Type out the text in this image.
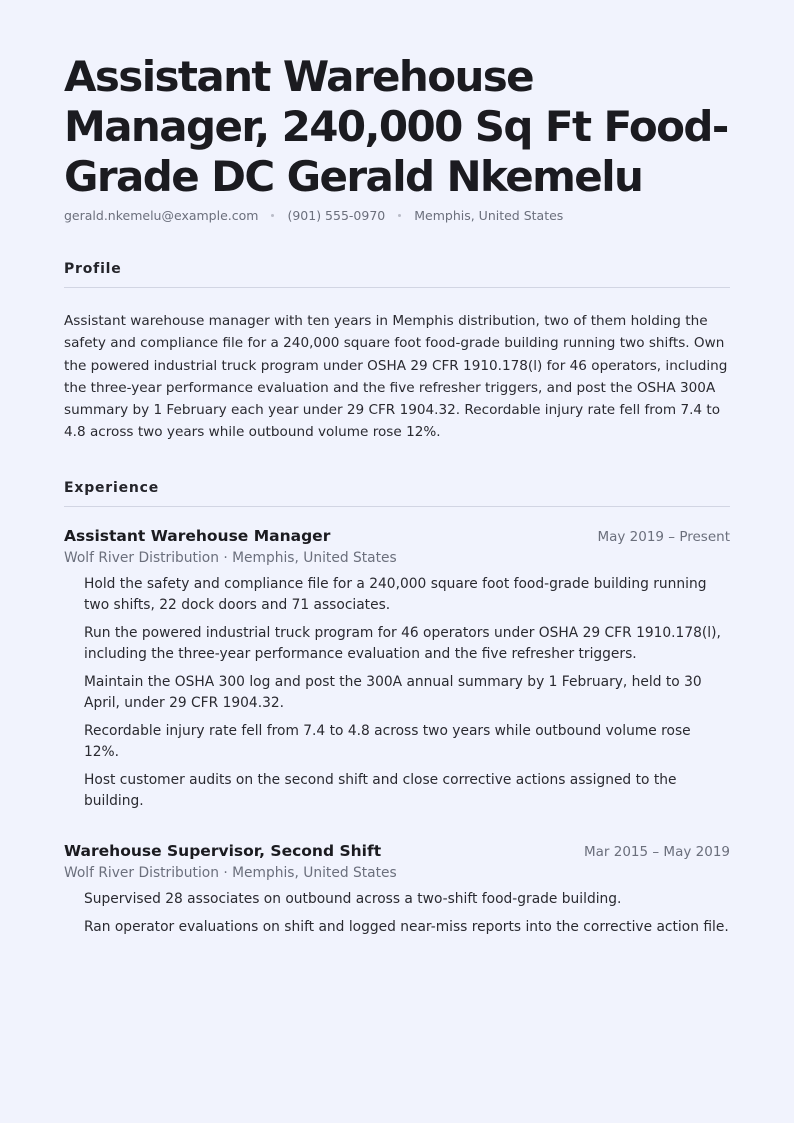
Assistant Warehouse Manager, 240,000 Sq Ft Food-Grade DC Gerald Nkemelu
gerald.nkemelu@example.com (901) 555-0970 Memphis, United States
Profile
Assistant warehouse manager with ten years in Memphis distribution, two of them holding the safety and compliance file for a 240,000 square foot food-grade building running two shifts. Own the powered industrial truck program under OSHA 29 CFR 1910.178(l) for 46 operators, including the three-year performance evaluation and the five refresher triggers, and post the OSHA 300A summary by 1 February each year under 29 CFR 1904.32. Recordable injury rate fell from 7.4 to 4.8 across two years while outbound volume rose 12%.
Experience
Assistant Warehouse Manager	May 2019 – Present
Wolf River Distribution · Memphis, United States
Hold the safety and compliance file for a 240,000 square foot food-grade building running two shifts, 22 dock doors and 71 associates.
Run the powered industrial truck program for 46 operators under OSHA 29 CFR 1910.178(l), including the three-year performance evaluation and the five refresher triggers.
Maintain the OSHA 300 log and post the 300A annual summary by 1 February, held to 30 April, under 29 CFR 1904.32.
Recordable injury rate fell from 7.4 to 4.8 across two years while outbound volume rose 12%.
Host customer audits on the second shift and close corrective actions assigned to the building.
Warehouse Supervisor, Second Shift	Mar 2015 – May 2019
Wolf River Distribution · Memphis, United States
Supervised 28 associates on outbound across a two-shift food-grade building.
Ran operator evaluations on shift and logged near-miss reports into the corrective action file.
